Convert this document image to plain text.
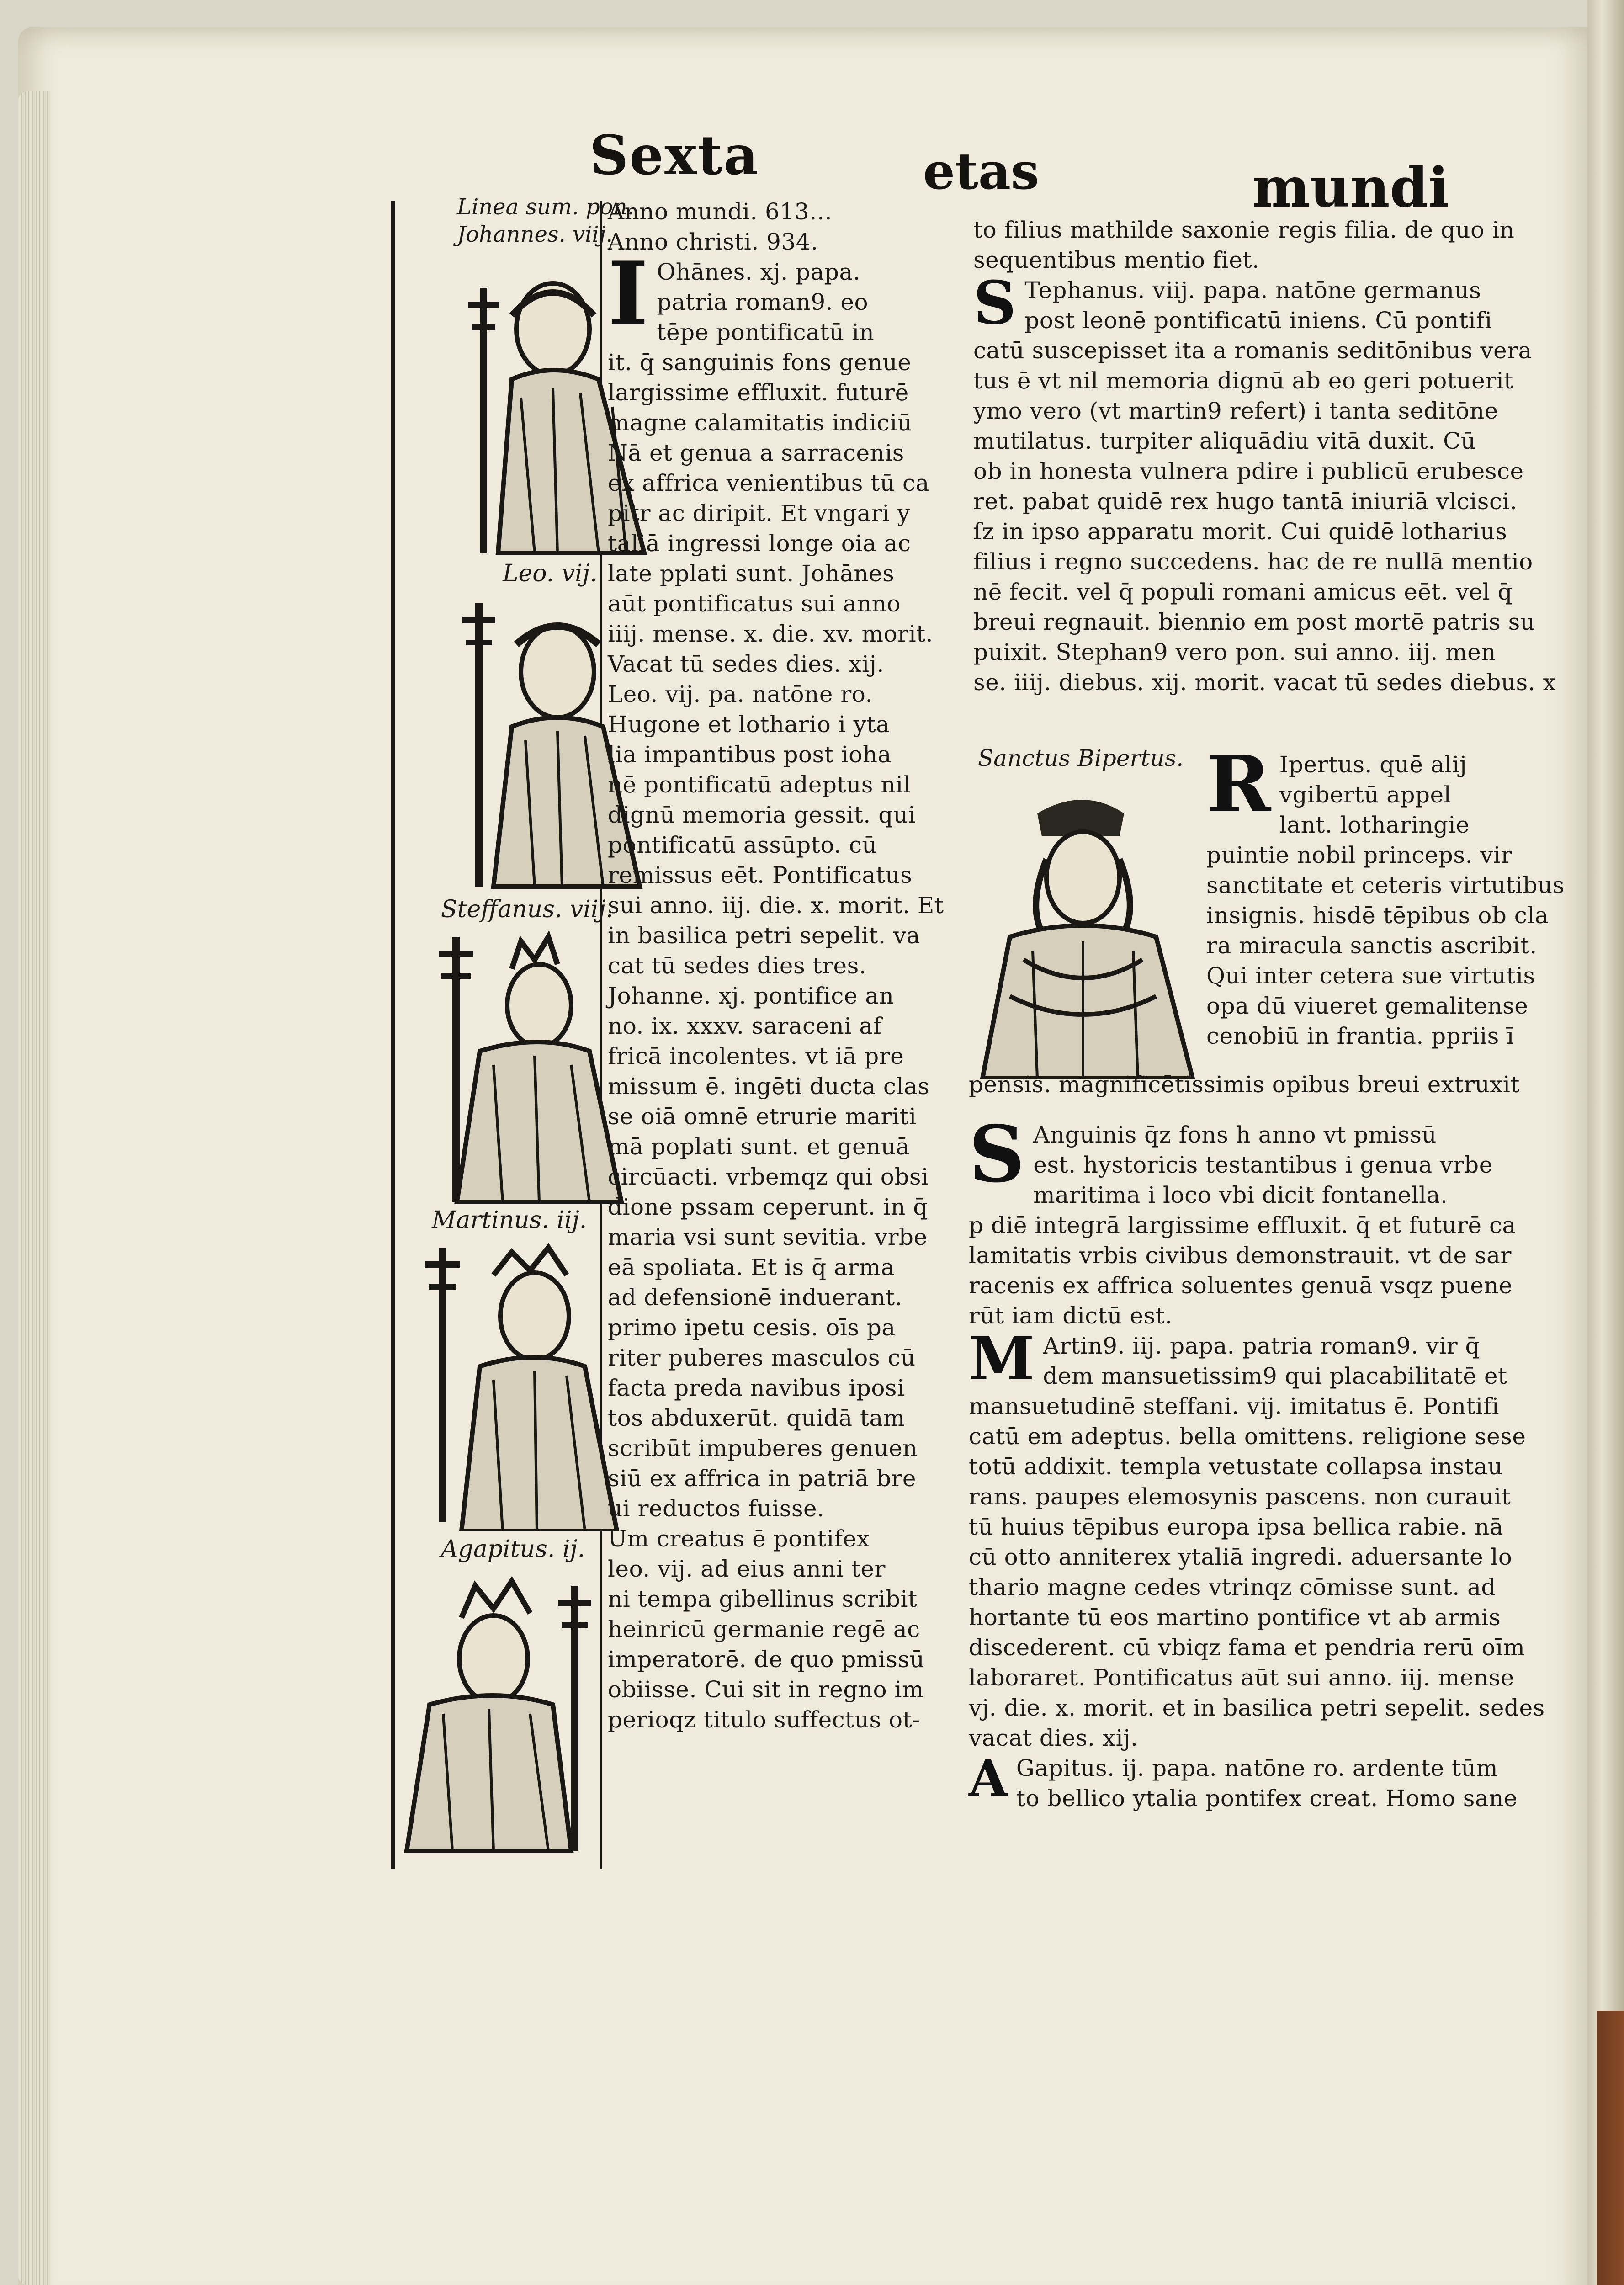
Sexta	etas	mundi
Linea sum. pon.
Johannes. viij.
Leo. vij.
Steffanus. viij.
Martinus. iij.
Agapitus. ij.
Anno mundi. 613…
Anno christi. 934.
I Ohānes. xj. papa.
patria roman9. eo
tēpe pontificatū in
it. q̄ sanguinis fons genue
largissime effluxit. futurē
magne calamitatis indiciū
Nā et genua a sarracenis
ex affrica venientibus tū ca
pitr ac diripit. Et vngari y
taliā ingressi longe oia ac
late pplati sunt. Johānes
aūt pontificatus sui anno
iiij. mense. x. die. xv. morit.
Vacat tū sedes dies. xij.
Leo. vij. pa. natōne ro.
Hugone et lothario i yta
lia impantibus post ioha
nē pontificatū adeptus nil
dignū memoria gessit. qui
pontificatū assūpto. cū
remissus eēt. Pontificatus
sui anno. iij. die. x. morit. Et
in basilica petri sepelit. va
cat tū sedes dies tres.
Johanne. xj. pontifice an
no. ix. xxxv. saraceni af
fricā incolentes. vt iā pre
missum ē. ingēti ducta clas
se oiā omnē etrurie mariti
mā poplati sunt. et genuā
circūacti. vrbemqz qui obsi
dione pssam ceperunt. in q̄
maria vsi sunt sevitia. vrbe
eā spoliata. Et is q̄ arma
ad defensionē induerant.
primo ipetu cesis. oīs pa
riter puberes masculos cū
facta preda navibus iposi
tos abduxerūt. quidā tam
scribūt impuberes genuen
siū ex affrica in patriā bre
ui reductos fuisse.
Um creatus ē pontifex
leo. vij. ad eius anni ter
ni tempa gibellinus scribit
heinricū germanie regē ac
imperatorē. de quo pmissū
obiisse. Cui sit in regno im
perioqz titulo suffectus ot-
to filius mathilde saxonie regis filia. de quo in
sequentibus mentio fiet.
S Tephanus. viij. papa. natōne germanus
post leonē pontificatū iniens. Cū pontifi
catū suscepisset ita a romanis seditōnibus vera
tus ē vt nil memoria dignū ab eo geri potuerit
ymo vero (vt martin9 refert) i tanta seditōne
mutilatus. turpiter aliquādiu vitā duxit. Cū
ob in honesta vulnera pdire i publicū erubesce
ret. pabat quidē rex hugo tantā iniuriā vlcisci.
ſz in ipso apparatu morit. Cui quidē lotharius
filius i regno succedens. hac de re nullā mentio
nē fecit. vel q̄ populi romani amicus eēt. vel q̄
breui regnauit. biennio em post mortē patris su
puixit. Stephan9 vero pon. sui anno. iij. men
se. iiij. diebus. xij. morit. vacat tū sedes diebus. x
Sanctus Bipertus. R Ipertus. quē alij
vgibertū appel
lant. lotharingie
puintie nobil princeps. vir
sanctitate et ceteris virtutibus
insignis. hisdē tēpibus ob cla
ra miracula sanctis ascribit.
Qui inter cetera sue virtutis
opa dū viueret gemalitense
cenobiū in frantia. ppriis ī
pensis. magnificētissimis opibus breui extruxit
S Anguinis q̄z fons h anno vt pmissū
est. hystoricis testantibus i genua vrbe
maritima i loco vbi dicit fontanella.
p diē integrā largissime effluxit. q̄ et futurē ca
lamitatis vrbis civibus demonstrauit. vt de sar
racenis ex affrica soluentes genuā vsqz puene
rūt iam dictū est.
M Artin9. iij. papa. patria roman9. vir q̄
dem mansuetissim9 qui placabilitatē et
mansuetudinē steffani. vij. imitatus ē. Pontifi
catū em adeptus. bella omittens. religione sese
totū addixit. templa vetustate collapsa instau
rans. paupes elemosynis pascens. non curauit
tū huius tēpibus europa ipsa bellica rabie. nā
cū otto anniterex ytaliā ingredi. aduersante lo
thario magne cedes vtrinqz cōmisse sunt. ad
hortante tū eos martino pontifice vt ab armis
discederent. cū vbiqz fama et pendria rerū oīm
laboraret. Pontificatus aūt sui anno. iij. mense
vj. die. x. morit. et in basilica petri sepelit. sedes
vacat dies. xij.
A Gapitus. ij. papa. natōne ro. ardente tūm
to bellico ytalia pontifex creat. Homo sane
